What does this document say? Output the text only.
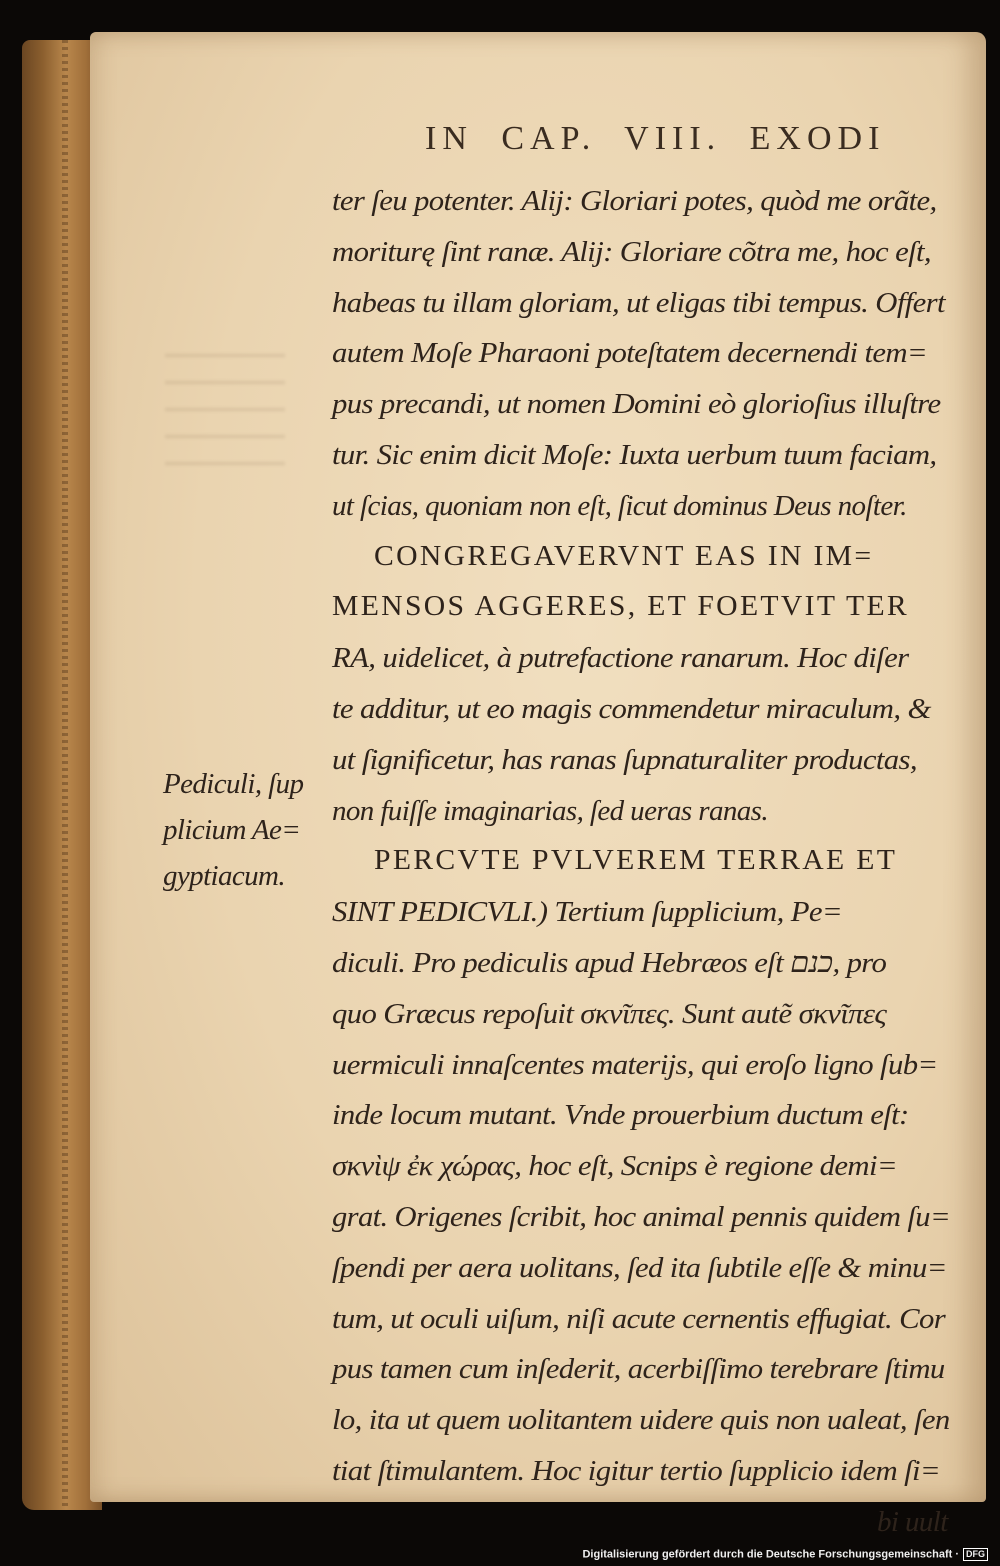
IN CAP. VIII. EXODI
ter ſeu potenter. Alij: Gloriari potes, quòd me orãte,
moriturę ſint ranæ. Alij: Gloriare cõtra me, hoc eſt,
habeas tu illam gloriam, ut eligas tibi tempus. Offert
autem Moſe Pharaoni poteſtatem decernendi tem=
pus precandi, ut nomen Domini eò glorioſius illuſtre
tur. Sic enim dicit Moſe: Iuxta uerbum tuum faciam,
ut ſcias, quoniam non eſt, ſicut dominus Deus noſter.
CONGREGAVERVNT EAS IN IM=
MENSOS AGGERES, ET FOETVIT TER
RA, uidelicet, à putrefactione ranarum. Hoc diſer
te additur, ut eo magis commendetur miraculum, &
ut ſignificetur, has ranas ſupnaturaliter productas,
non fuiſſe imaginarias, ſed ueras ranas.
PERCVTE PVLVEREM TERRAE ET
SINT PEDICVLI.) Tertium ſupplicium, Pe=
diculi. Pro pediculis apud Hebræos eſt כנם, pro
quo Græcus repoſuit σκνῖπες. Sunt autẽ σκνῖπες
uermiculi innaſcentes materijs, qui eroſo ligno ſub=
inde locum mutant. Vnde prouerbium ductum eſt:
σκνὶψ ἐκ χώρας, hoc eſt, Scnips è regione demi=
grat. Origenes ſcribit, hoc animal pennis quidem ſu=
ſpendi per aera uolitans, ſed ita ſubtile eſſe & minu=
tum, ut oculi uiſum, niſi acute cernentis effugiat. Cor
pus tamen cum inſederit, acerbiſſimo terebrare ſtimu
lo, ita ut quem uolitantem uidere quis non ualeat, ſen
tiat ſtimulantem. Hoc igitur tertio ſupplicio idem ſi=
bi uult
Pediculi, ſup
plicium Ae=
gyptiacum.
Digitalisierung gefördert durch die Deutsche Forschungsgemeinschaft · DFG
